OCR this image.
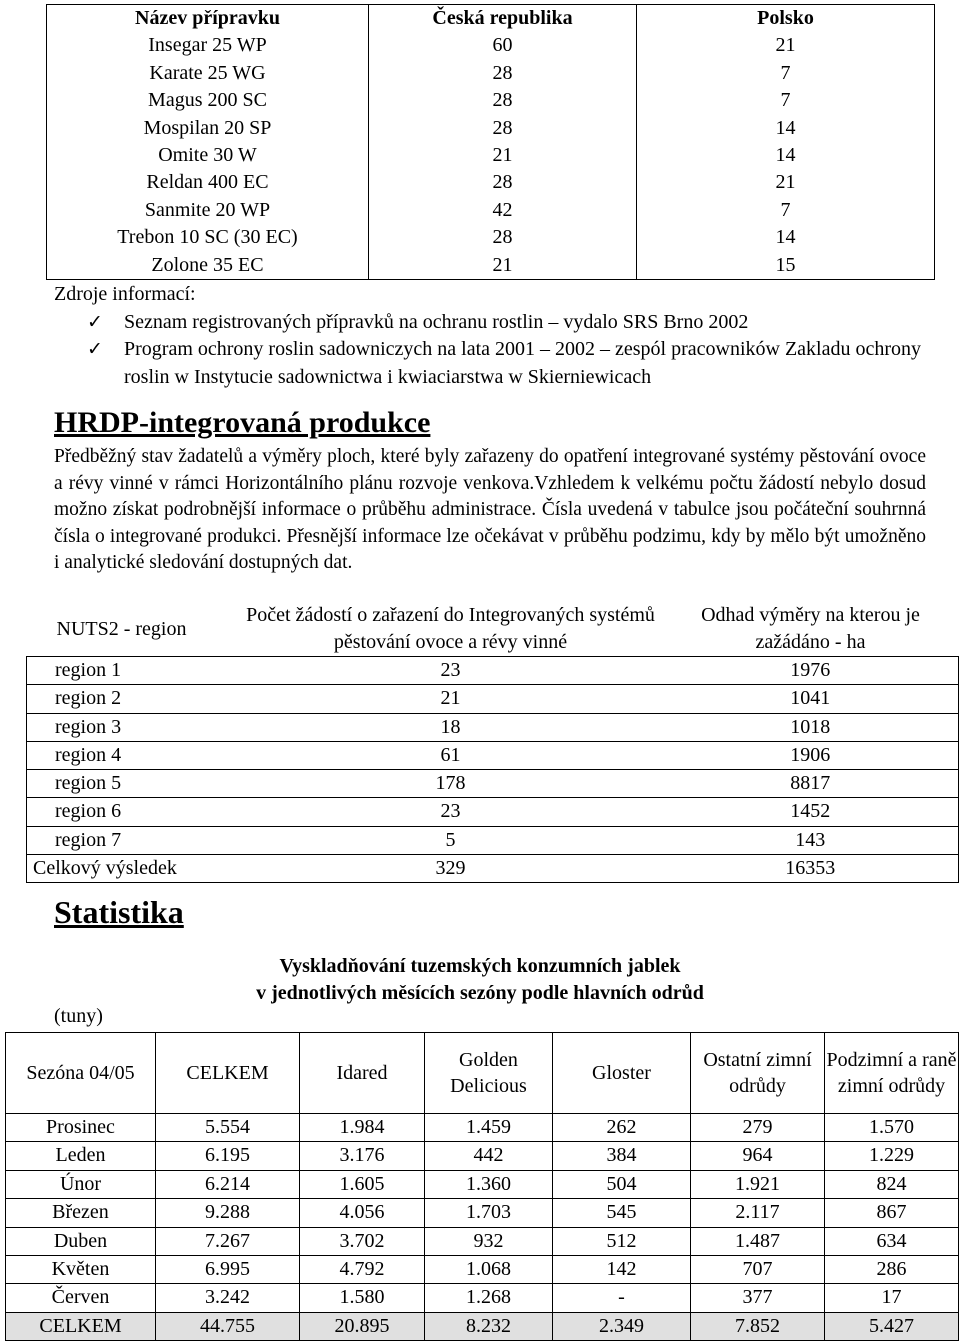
Název přípravku	Česká republika	Polsko
Insegar 25 WP	60	21
Karate 25 WG	28	7
Magus 200 SC	28	7
Mospilan 20 SP	28	14
Omite 30 W	21	14
Reldan 400 EC	28	21
Sanmite 20 WP	42	7
Trebon 10 SC (30 EC)	28	14
Zolone 35 EC	21	15
Zdroje informací:
✓ Seznam registrovaných přípravků na ochranu rostlin – vydalo SRS Brno 2002
✓ Program ochrony roslin sadowniczych na lata 2001 – 2002 – zespól pracowników Zakladu ochrony roslin w Instytucie sadownictwa i kwiaciarstwa w Skierniewicach
HRDP-integrovaná produkce
Předběžný stav žadatelů a výměry ploch, které byly zařazeny do opatření integrované systémy pěstování ovoce a révy vinné v rámci Horizontálního plánu rozvoje venkova.Vzhledem k velkému počtu žádostí nebylo dosud možno získat podrobnější informace o průběhu administrace. Čísla uvedená v tabulce jsou počáteční souhrnná čísla o integrované produkci. Přesnější informace lze očekávat v průběhu podzimu, kdy by mělo být umožněno i analytické sledování dostupných dat.
NUTS2 - region	Počet žádostí o zařazení do Integrovaných systémů pěstování ovoce a révy vinné	Odhad výměry na kterou je zažádáno - ha
region 1	23	1976
region 2	21	1041
region 3	18	1018
region 4	61	1906
region 5	178	8817
region 6	23	1452
region 7	5	143
Celkový výsledek	329	16353
Statistika
Vyskladňování tuzemských konzumních jablek
v jednotlivých měsících sezóny podle hlavních odrůd
(tuny)
Sezóna 04/05	CELKEM	Idared	Golden Delicious	Gloster	Ostatní zimní odrůdy	Podzimní a raně zimní odrůdy
Prosinec	5.554	1.984	1.459	262	279	1.570
Leden	6.195	3.176	442	384	964	1.229
Únor	6.214	1.605	1.360	504	1.921	824
Březen	9.288	4.056	1.703	545	2.117	867
Duben	7.267	3.702	932	512	1.487	634
Květen	6.995	4.792	1.068	142	707	286
Červen	3.242	1.580	1.268	-	377	17
CELKEM	44.755	20.895	8.232	2.349	7.852	5.427
